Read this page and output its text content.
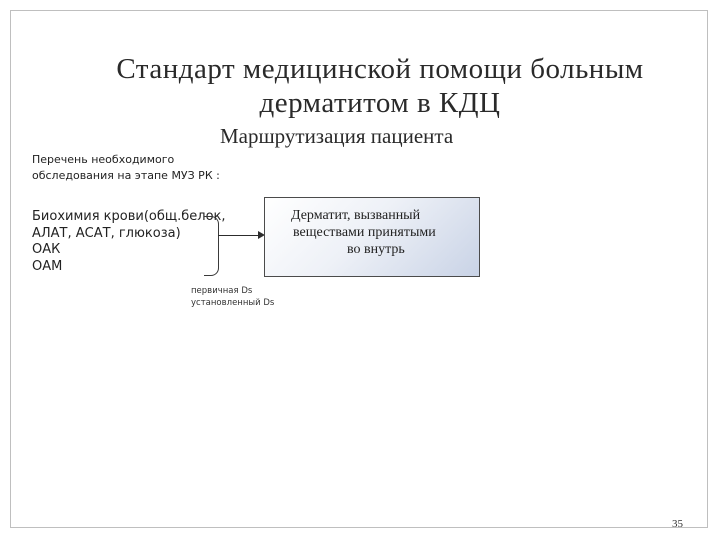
Стандарт медицинской помощи больным
дерматитом в КДЦ
Маршрутизация пациента
Перечень необходимого
обследования на этапе МУЗ РК :
Биохимия крови(общ.белок,
АЛАТ, АСАТ, глюкоза)
ОАК
ОАМ
Дерматит, вызванный
веществами принятыми
во внутрь
первичная Ds
установленный Ds
35
